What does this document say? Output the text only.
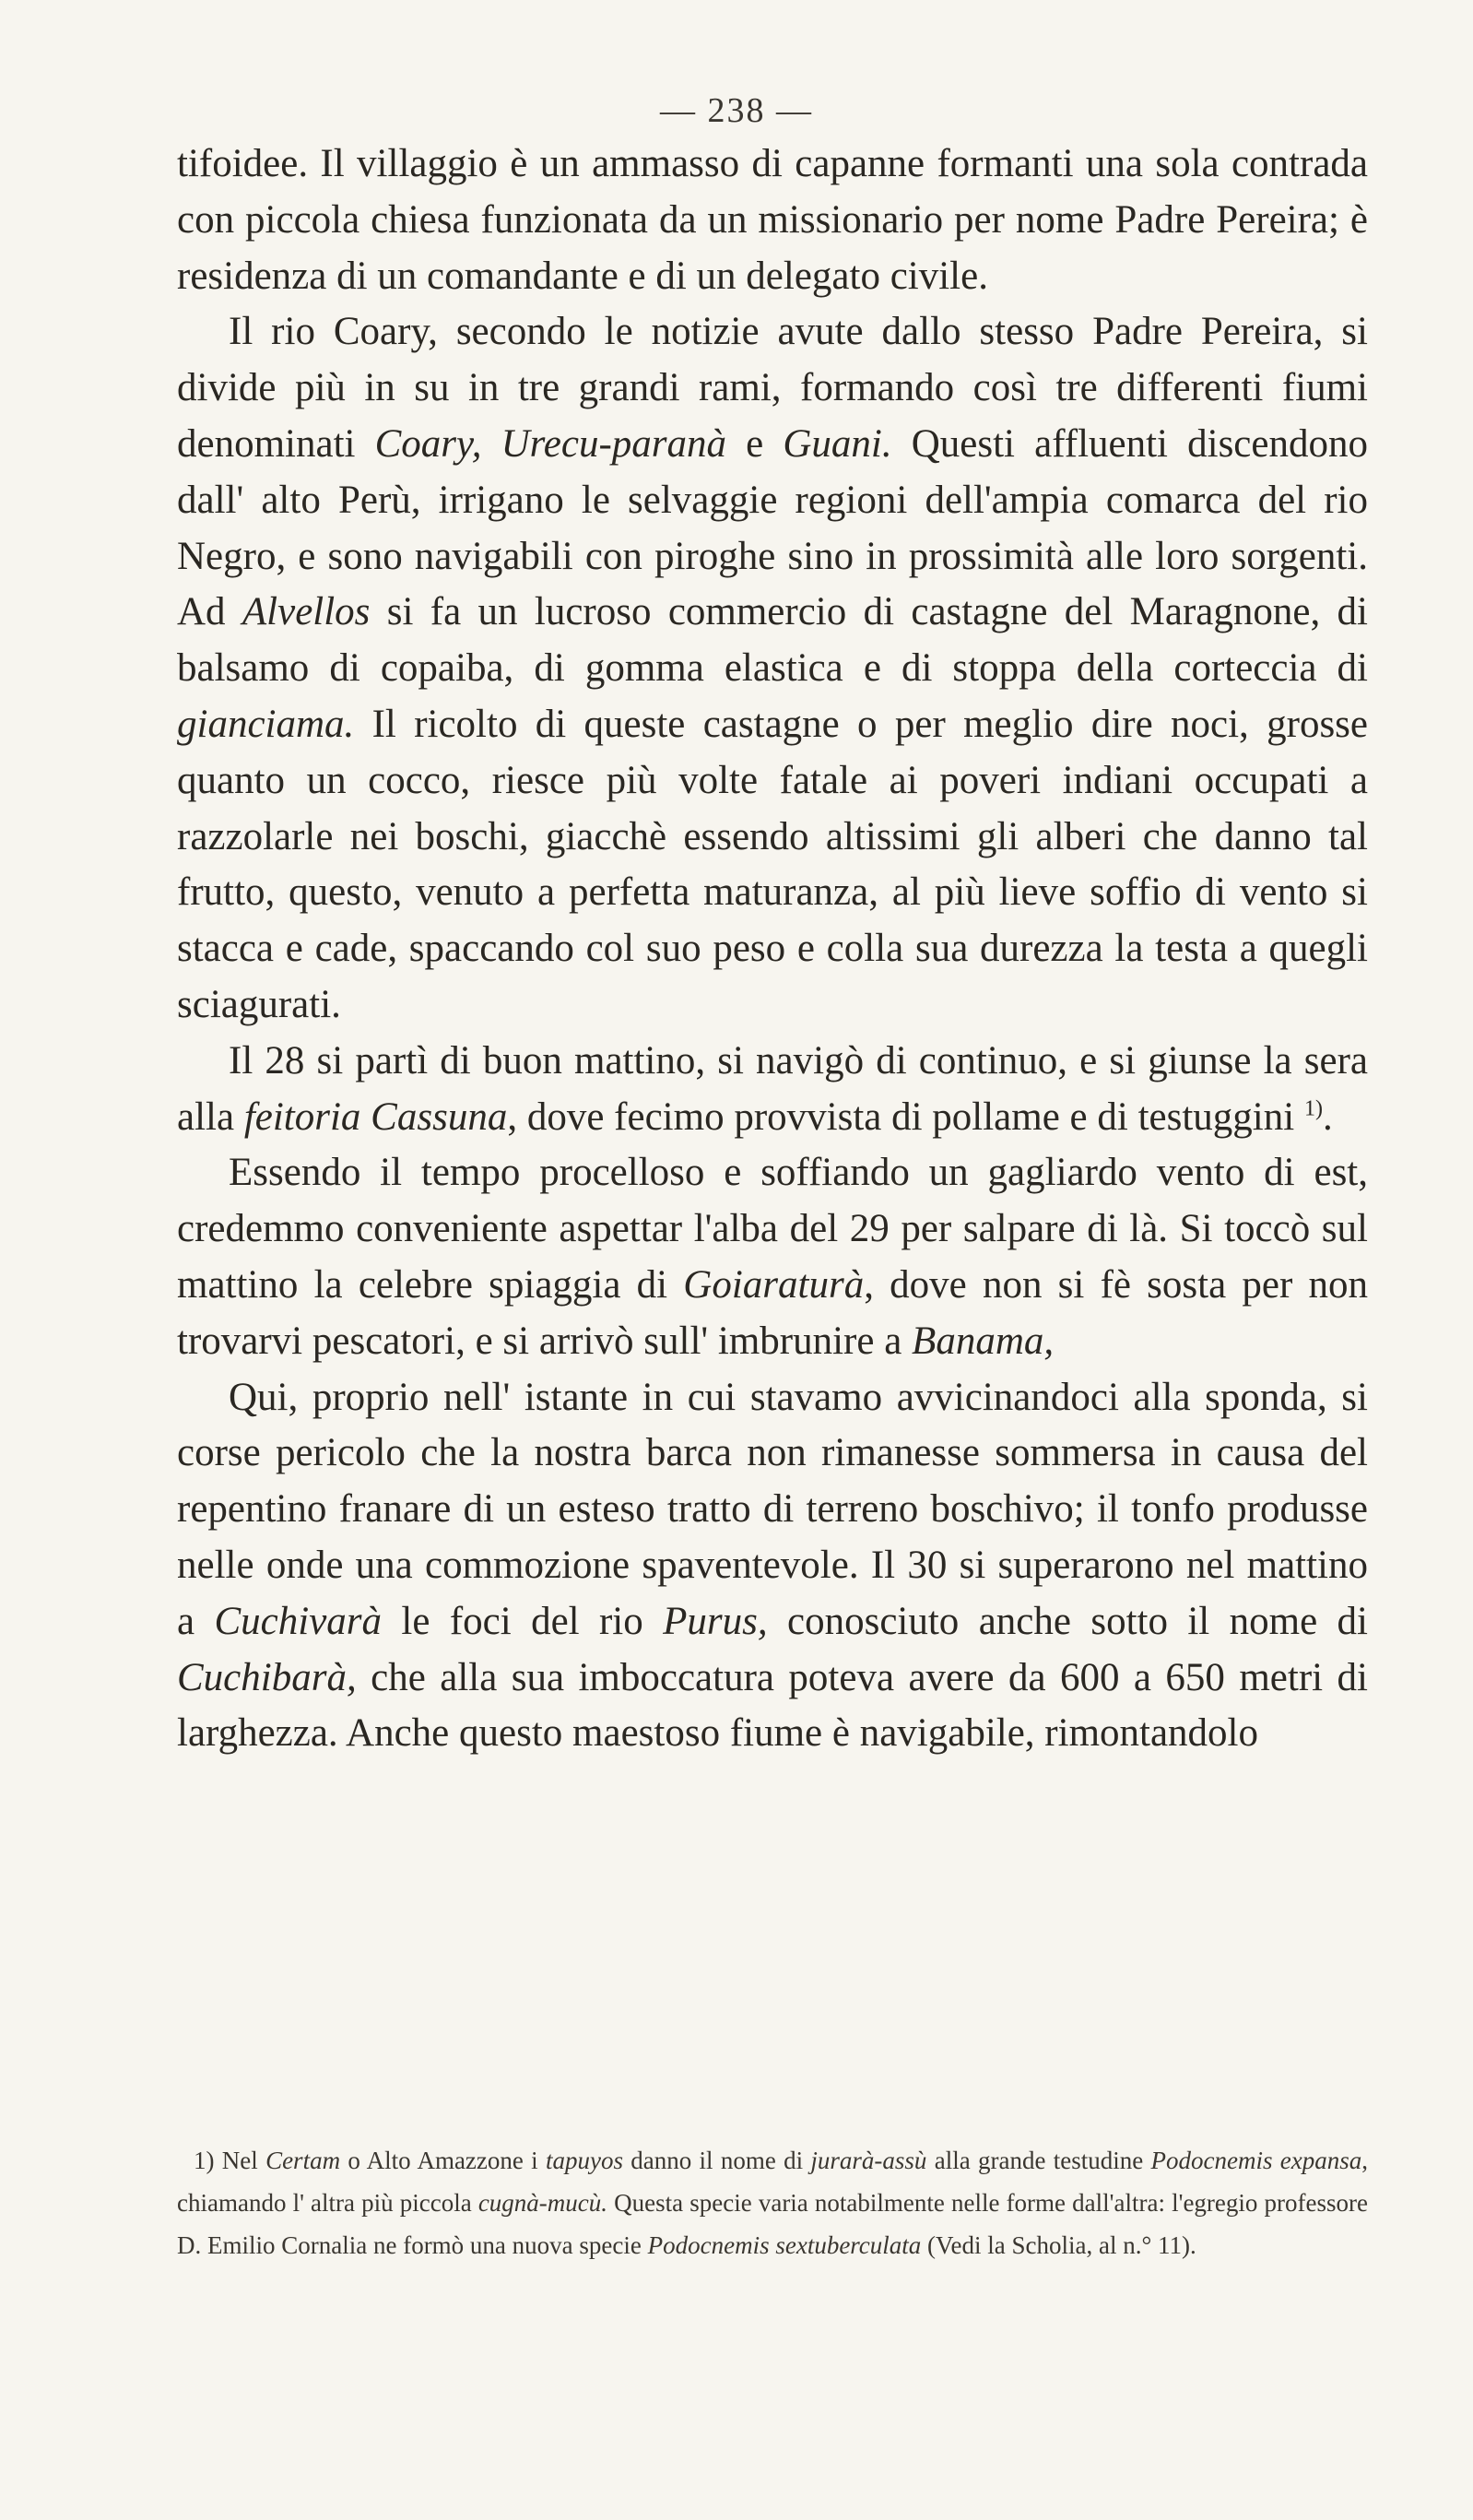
— 238 —

tifoidee. Il villaggio è un ammasso di capanne formanti una sola contrada con piccola chiesa funzionata da un missionario per nome Padre Pereira; è residenza di un comandante e di un delegato civile.

Il rio Coary, secondo le notizie avute dallo stesso Padre Pereira, si divide più in su in tre grandi rami, formando così tre differenti fiumi denominati Coary, Urecu-paranà e Guani. Questi affluenti discendono dall' alto Perù, irrigano le selvaggie regioni dell'ampia comarca del rio Negro, e sono navigabili con piroghe sino in prossimità alle loro sorgenti. Ad Alvellos si fa un lucroso commercio di castagne del Maragnone, di balsamo di copaiba, di gomma elastica e di stoppa della corteccia di gianciama. Il ricolto di queste castagne o per meglio dire noci, grosse quanto un cocco, riesce più volte fatale ai poveri indiani occupati a razzolarle nei boschi, giacchè essendo altissimi gli alberi che danno tal frutto, questo, venuto a perfetta maturanza, al più lieve soffio di vento si stacca e cade, spaccando col suo peso e colla sua durezza la testa a quegli sciagurati.

Il 28 si partì di buon mattino, si navigò di continuo, e si giunse la sera alla feitoria Cassuna, dove fecimo provvista di pollame e di testuggini $^{1)}$.

Essendo il tempo procelloso e soffiando un gagliardo vento di est, credemmo conveniente aspettar l'alba del 29 per salpare di là. Si toccò sul mattino la celebre spiaggia di Goiaraturà, dove non si fè sosta per non trovarvi pescatori, e si arrivò sull' imbrunire a Banama,

Qui, proprio nell' istante in cui stavamo avvicinandoci alla sponda, si corse pericolo che la nostra barca non rimanesse sommersa in causa del repentino franare di un esteso tratto di terreno boschivo; il tonfo produsse nelle onde una commozione spaventevole. Il 30 si superarono nel mattino a Cuchivarà le foci del rio Purus, conosciuto anche sotto il nome di Cuchibarà, che alla sua imboccatura poteva avere da 600 a 650 metri di larghezza. Anche questo maestoso fiume è navigabile, rimontandolo

1) Nel Certam o Alto Amazzone i tapuyos danno il nome di jurarà-assù alla grande testudine Podocnemis expansa, chiamando l' altra più piccola cugnà-mucù. Questa specie varia notabilmente nelle forme dall'altra: l'egregio professore D. Emilio Cornalia ne formò una nuova specie Podocnemis sextuberculata (Vedi la Scholia, al n.° 11).
